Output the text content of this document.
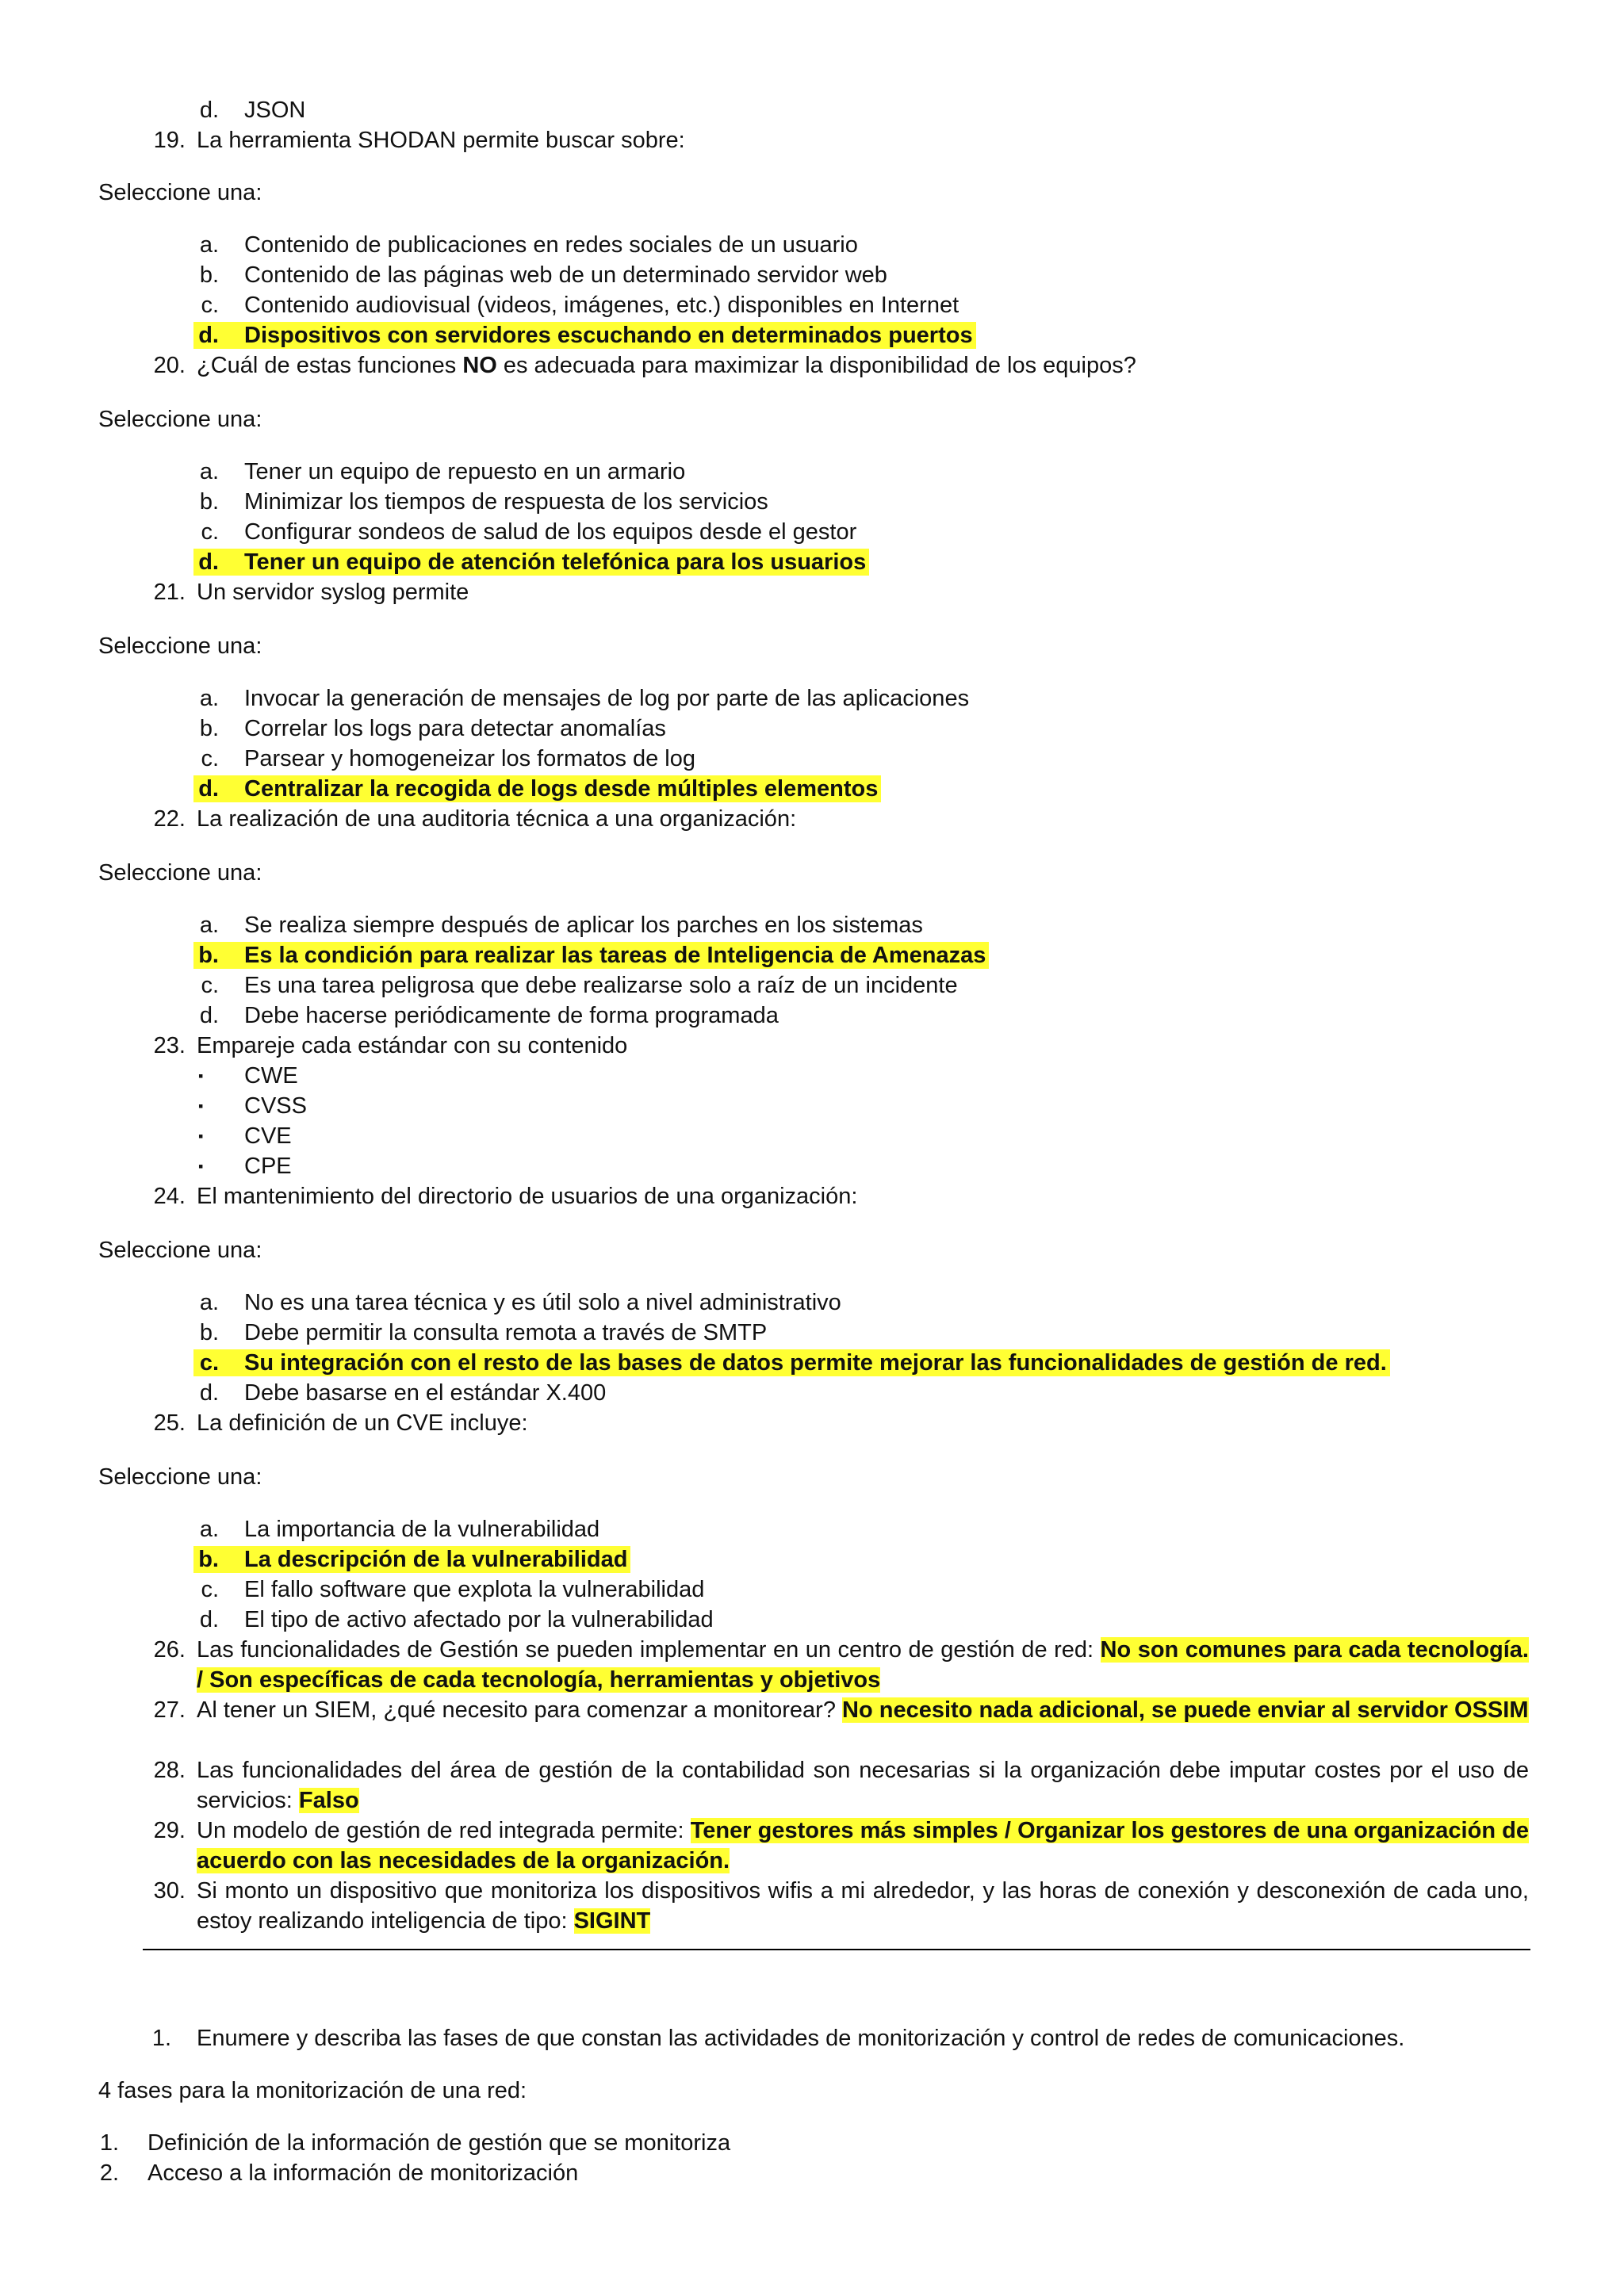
d. JSON
19. La herramienta SHODAN permite buscar sobre:
Seleccione una:
a. Contenido de publicaciones en redes sociales de un usuario
b. Contenido de las páginas web de un determinado servidor web
c. Contenido audiovisual (videos, imágenes, etc.) disponibles en Internet
d. Dispositivos con servidores escuchando en determinados puertos
20. ¿Cuál de estas funciones NO es adecuada para maximizar la disponibilidad de los equipos?
Seleccione una:
a. Tener un equipo de repuesto en un armario
b. Minimizar los tiempos de respuesta de los servicios
c. Configurar sondeos de salud de los equipos desde el gestor
d. Tener un equipo de atención telefónica para los usuarios
21. Un servidor syslog permite
Seleccione una:
a. Invocar la generación de mensajes de log por parte de las aplicaciones
b. Correlar los logs para detectar anomalías
c. Parsear y homogeneizar los formatos de log
d. Centralizar la recogida de logs desde múltiples elementos
22. La realización de una auditoria técnica a una organización:
Seleccione una:
a. Se realiza siempre después de aplicar los parches en los sistemas
b. Es la condición para realizar las tareas de Inteligencia de Amenazas
c. Es una tarea peligrosa que debe realizarse solo a raíz de un incidente
d. Debe hacerse periódicamente de forma programada
23. Empareje cada estándar con su contenido
▪ CWE
▪ CVSS
▪ CVE
▪ CPE
24. El mantenimiento del directorio de usuarios de una organización:
Seleccione una:
a. No es una tarea técnica y es útil solo a nivel administrativo
b. Debe permitir la consulta remota a través de SMTP
c. Su integración con el resto de las bases de datos permite mejorar las funcionalidades de gestión de red.
d. Debe basarse en el estándar X.400
25. La definición de un CVE incluye:
Seleccione una:
a. La importancia de la vulnerabilidad
b. La descripción de la vulnerabilidad
c. El fallo software que explota la vulnerabilidad
d. El tipo de activo afectado por la vulnerabilidad
26. Las funcionalidades de Gestión se pueden implementar en un centro de gestión de red: No son comunes para cada tecnología. / Son específicas de cada tecnología, herramientas y objetivos
27. Al tener un SIEM, ¿qué necesito para comenzar a monitorear? No necesito nada adicional, se puede enviar al servidor OSSIM
28. Las funcionalidades del área de gestión de la contabilidad son necesarias si la organización debe imputar costes por el uso de servicios: Falso
29. Un modelo de gestión de red integrada permite: Tener gestores más simples / Organizar los gestores de una organización de acuerdo con las necesidades de la organización.
30. Si monto un dispositivo que monitoriza los dispositivos wifis a mi alrededor, y las horas de conexión y desconexión de cada uno, estoy realizando inteligencia de tipo: SIGINT
1. Enumere y describa las fases de que constan las actividades de monitorización y control de redes de comunicaciones.
4 fases para la monitorización de una red:
1. Definición de la información de gestión que se monitoriza
2. Acceso a la información de monitorización
